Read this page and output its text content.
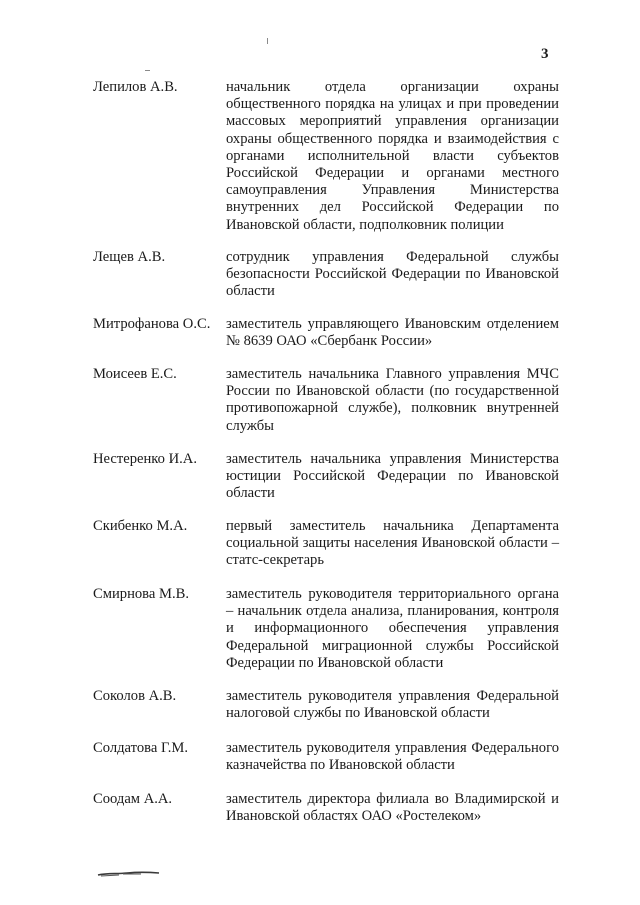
3
Лепилов А.В.	начальник отдела организации охраны общественного порядка на улицах и при проведении массовых мероприятий управления организации охраны общественного порядка и взаимодействия с органами исполнительной власти субъектов Российской Федерации и органами местного самоуправления Управления Министерства внутренних дел Российской Федерации по Ивановской области, подполковник полиции
Лещев А.В.	сотрудник управления Федеральной службы безопасности Российской Федерации по Ивановской области
Митрофанова О.С. заместитель управляющего Ивановским отделением № 8639 ОАО «Сбербанк России»
Моисеев Е.С.	заместитель начальника Главного управления МЧС России по Ивановской области (по государственной противопожарной службе), полковник внутренней службы
Нестеренко И.А. заместитель начальника управления Министерства юстиции Российской Федерации по Ивановской области
Скибенко М.А.	первый заместитель начальника Департамента социальной защиты населения Ивановской области – статс-секретарь
Смирнова М.В.	заместитель руководителя территориального органа – начальник отдела анализа, планирования, контроля и информационного обеспечения управления Федеральной миграционной службы Российской Федерации по Ивановской области
Соколов А.В.	заместитель руководителя управления Федеральной налоговой службы по Ивановской области
Солдатова Г.М.	заместитель руководителя управления Федерального казначейства по Ивановской области
Соодам А.А.	заместитель директора филиала во Владимирской и Ивановской областях ОАО «Ростелеком»
